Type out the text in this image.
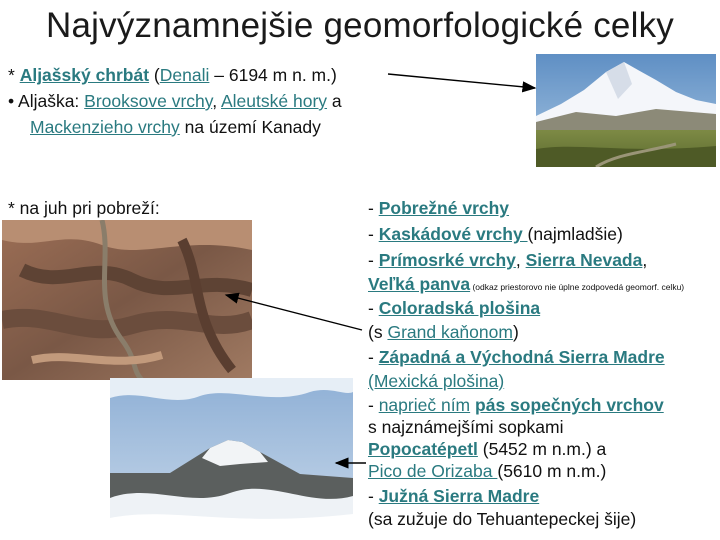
Najvýznamnejšie geomorfologické celky
* Aljašský chrbát (Denali – 6194 m n. m.)
• Aljaška: Brooksove vrchy, Aleutské hory a
Mackenzieho vrchy na území Kanady
* na juh pri pobreží:	- Pobrežné vrchy
- Kaskádové vrchy (najmladšie)
- Prímosrké vrchy, Sierra Nevada,
Veľká panva (odkaz priestorovo nie úplne zodpovedá geomorf. celku)
- Coloradská plošina
(s Grand kaňonom)
- Západná a Východná Sierra Madre
(Mexická plošina)
- naprieč ním pás sopečných vrchov
s najznámejšími sopkami
Popocatépetl (5452 m n.m.) a
Pico de Orizaba (5610 m n.m.)
- Južná Sierra Madre
(sa zužuje do Tehuantepeckej šije)
